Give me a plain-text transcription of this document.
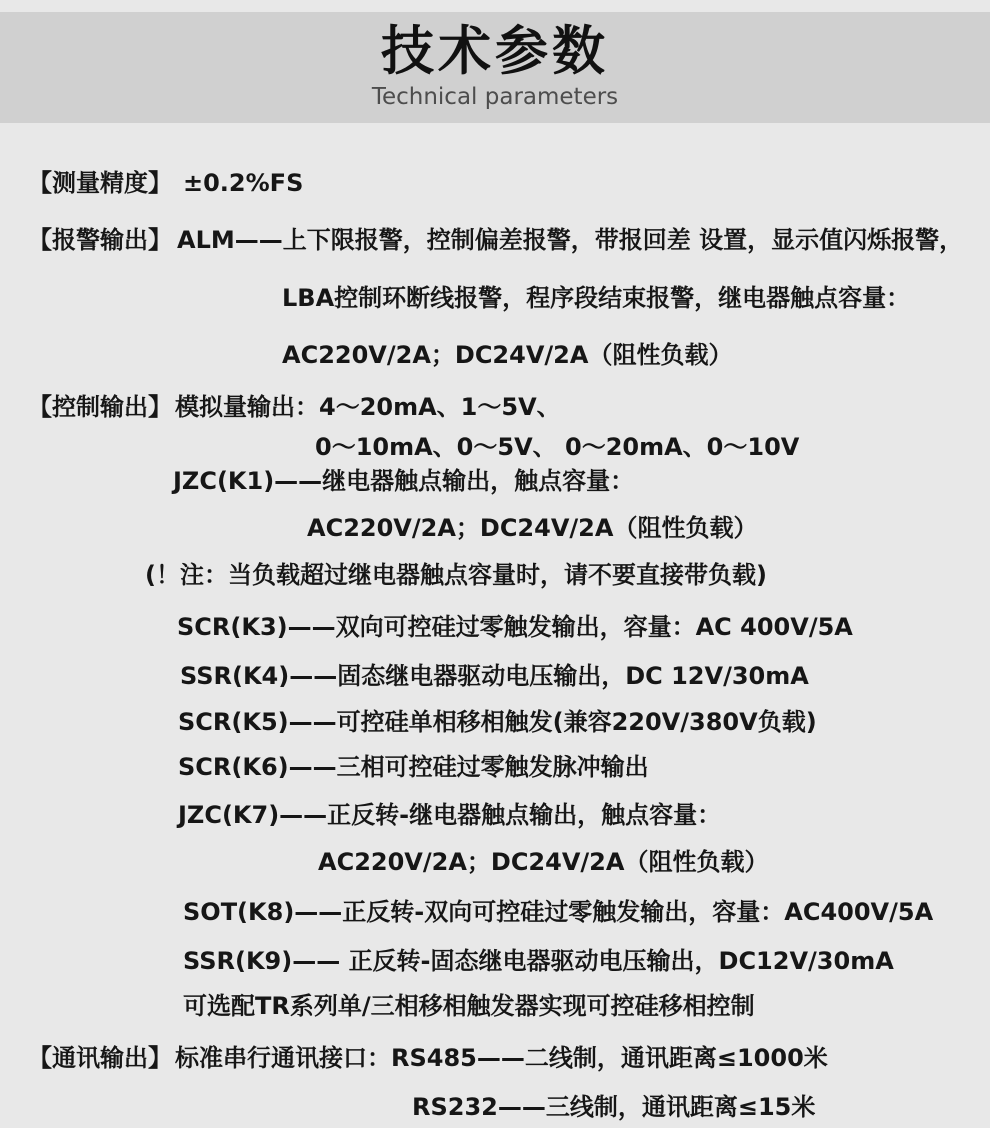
技术参数
Technical parameters
【测量精度】 ±0.2%FS
【报警输出】 ALM——上下限报警，控制偏差报警，带报回差 设置，显示值闪烁报警，
LBA控制环断线报警，程序段结束报警，继电器触点容量：
AC220V/2A；DC24V/2A（阻性负载）
【控制输出】 模拟量输出：4～20mA、1～5V、
0～10mA、0～5V、 0～20mA、0～10V
JZC(K1)——继电器触点输出，触点容量：
AC220V/2A；DC24V/2A（阻性负载）
(！注：当负载超过继电器触点容量时，请不要直接带负载)
SCR(K3)——双向可控硅过零触发输出，容量：AC 400V/5A
SSR(K4)——固态继电器驱动电压输出，DC 12V/30mA
SCR(K5)——可控硅单相移相触发(兼容220V/380V负载)
SCR(K6)——三相可控硅过零触发脉冲输出
JZC(K7)——正反转-继电器触点输出，触点容量：
AC220V/2A；DC24V/2A（阻性负载）
SOT(K8)——正反转-双向可控硅过零触发输出，容量：AC400V/5A
SSR(K9)—— 正反转-固态继电器驱动电压输出，DC12V/30mA
可选配TR系列单/三相移相触发器实现可控硅移相控制
【通讯输出】 标准串行通讯接口：RS485——二线制，通讯距离≤1000米
RS232——三线制，通讯距离≤15米
